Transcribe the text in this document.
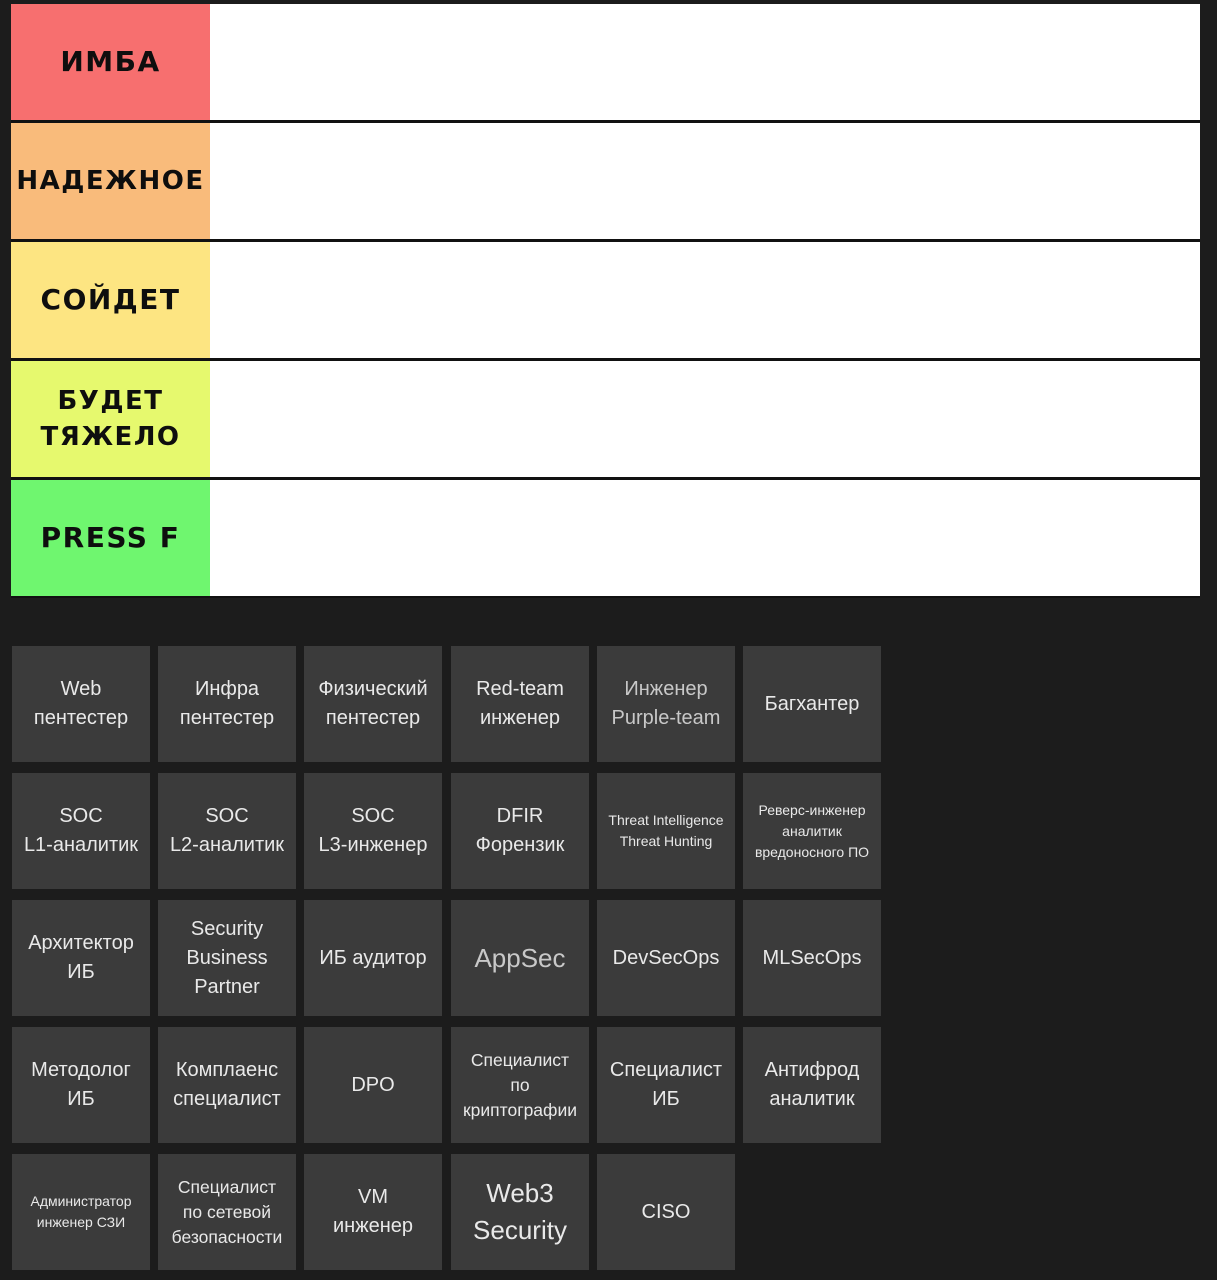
ИМБА
НАДЕЖНОЕ
СОЙДЕТ
БУДЕТ
ТЯЖЕЛО
PRESS F
Web
пентестер
Инфра
пентестер
Физический
пентестер
Red-team
инженер
Инженер
Purple-team
Багхантер
SOC
L1-аналитик
SOC
L2-аналитик
SOC
L3-инженер
DFIR
Форензик
Threat Intelligence
Threat Hunting
Реверс-инженер
аналитик
вредоносного ПО
Архитектор
ИБ
Security
Business
Partner
ИБ аудитор	AppSec	DevSecOps	MLSecOps
Методолог
ИБ
Комплаенс
специалист
DPO
Специалист
по
криптографии
Специалист
ИБ
Антифрод
аналитик
Администратор
инженер СЗИ
Специалист
по сетевой
безопасности
VM
инженер
Web3
Security
CISO
